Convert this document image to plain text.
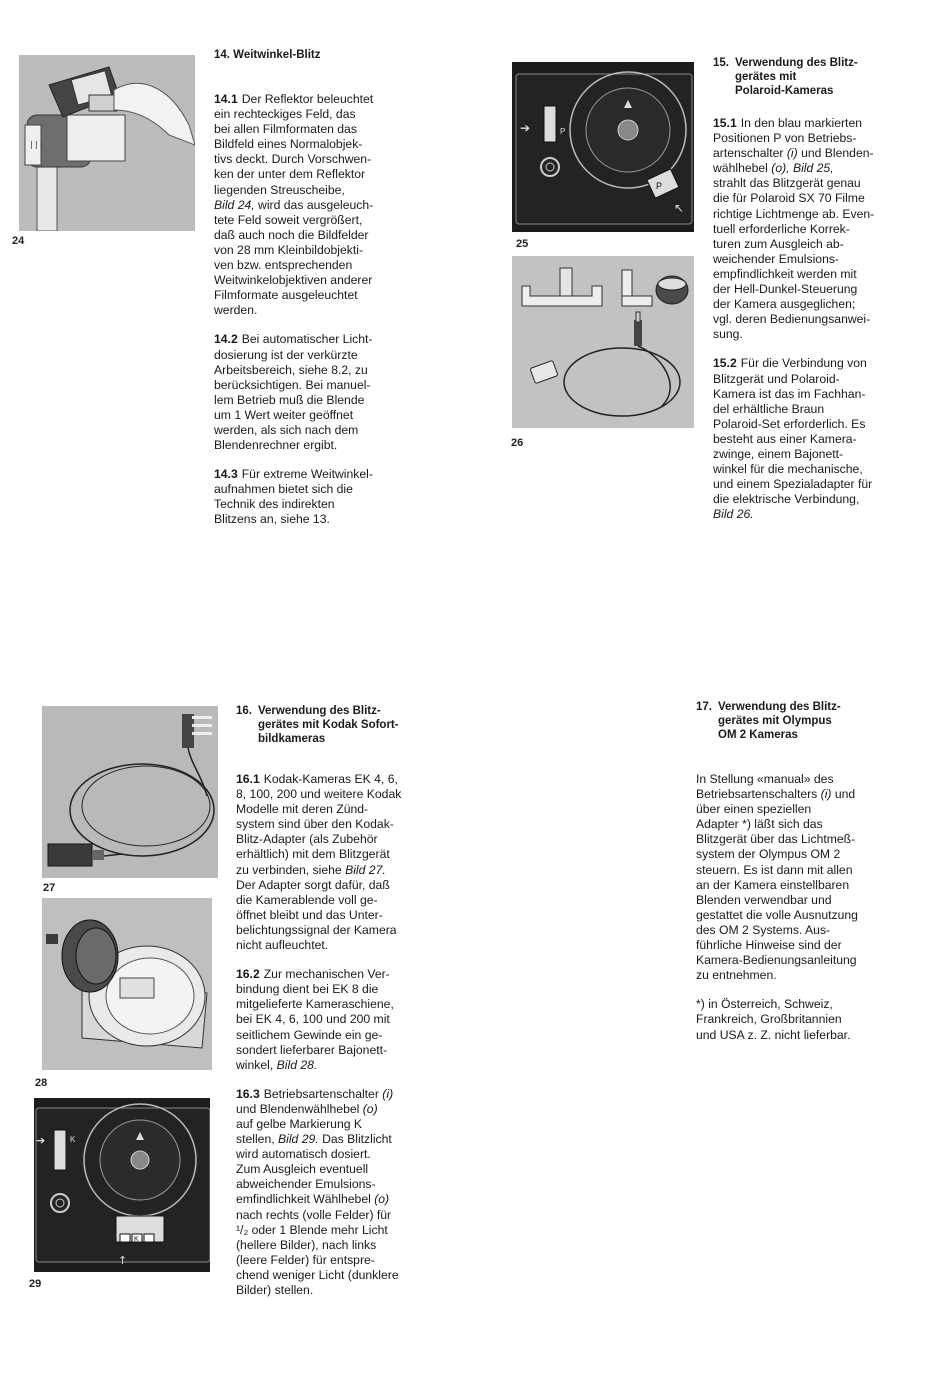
|||
24
14. Weitwinkel-Blitz

14.1 Der Reflektor beleuchtet
ein rechteckiges Feld, das
bei allen Filmformaten das
Bildfeld eines Normalobjek-
tivs deckt. Durch Vorschwen-
ken der unter dem Reflektor
liegenden Streuscheibe,
Bild 24, wird das ausgeleuch-
tete Feld soweit vergrößert,
daß auch noch die Bildfelder
von 28 mm Kleinbildobjekti-
ven bzw. entsprechenden
Weitwinkelobjektiven anderer
Filmformate ausgeleuchtet
werden.

14.2 Bei automatischer Licht-
dosierung ist der verkürzte
Arbeitsbereich, siehe 8.2, zu
berücksichtigen. Bei manuel-
lem Betrieb muß die Blende
um 1 Wert weiter geöffnet
werden, als sich nach dem
Blendenrechner ergibt.

14.3 Für extreme Weitwinkel-
aufnahmen bietet sich die
Technik des indirekten
Blitzens an, siehe 13.

P
➔
P
↖
25
26
15. Verwendung des Blitz-
gerätes mit
Polaroid-Kameras

15.1 In den blau markierten
Positionen P von Betriebs-
artenschalter (i) und Blenden-
wählhebel (o), Bild 25,
strahlt das Blitzgerät genau
die für Polaroid SX 70 Filme
richtige Lichtmenge ab. Even-
tuell erforderliche Korrek-
turen zum Ausgleich ab-
weichender Emulsions-
empfindlichkeit werden mit
der Hell-Dunkel-Steuerung
der Kamera ausgeglichen;
vgl. deren Bedienungsanwei-
sung.

15.2 Für die Verbindung von
Blitzgerät und Polaroid-
Kamera ist das im Fachhan-
del erhältliche Braun
Polaroid-Set erforderlich. Es
besteht aus einer Kamera-
zwinge, einem Bajonett-
winkel für die mechanische,
und einem Spezialadapter für
die elektrische Verbindung,
Bild 26.

27
28
K
➔
K
↑
29
16. Verwendung des Blitz-
gerätes mit Kodak Sofort-
bildkameras

16.1 Kodak-Kameras EK 4, 6,
8, 100, 200 und weitere Kodak
Modelle mit deren Zünd-
system sind über den Kodak-
Blitz-Adapter (als Zubehör
erhältlich) mit dem Blitzgerät
zu verbinden, siehe Bild 27.
Der Adapter sorgt dafür, daß
die Kamerablende voll ge-
öffnet bleibt und das Unter-
belichtungssignal der Kamera
nicht aufleuchtet.

16.2 Zur mechanischen Ver-
bindung dient bei EK 8 die
mitgelieferte Kameraschiene,
bei EK 4, 6, 100 und 200 mit
seitlichem Gewinde ein ge-
sondert lieferbarer Bajonett-
winkel, Bild 28.

16.3 Betriebsartenschalter (i)
und Blendenwählhebel (o)
auf gelbe Markierung K
stellen, Bild 29. Das Blitzlicht
wird automatisch dosiert.
Zum Ausgleich eventuell
abweichender Emulsions-
emfindlichkeit Wählhebel (o)
nach rechts (volle Felder) für
¹/₂ oder 1 Blende mehr Licht
(hellere Bilder), nach links
(leere Felder) für entspre-
chend weniger Licht (dunklere
Bilder) stellen.

17. Verwendung des Blitz-
gerätes mit Olympus
OM 2 Kameras

In Stellung «manual» des
Betriebsartenschalters (i) und
über einen speziellen
Adapter *) läßt sich das
Blitzgerät über das Lichtmeß-
system der Olympus OM 2
steuern. Es ist dann mit allen
an der Kamera einstellbaren
Blenden verwendbar und
gestattet die volle Ausnutzung
des OM 2 Systems. Aus-
führliche Hinweise sind der
Kamera-Bedienungsanleitung
zu entnehmen.

*) in Österreich, Schweiz,
Frankreich, Großbritannien
und USA z. Z. nicht lieferbar.
